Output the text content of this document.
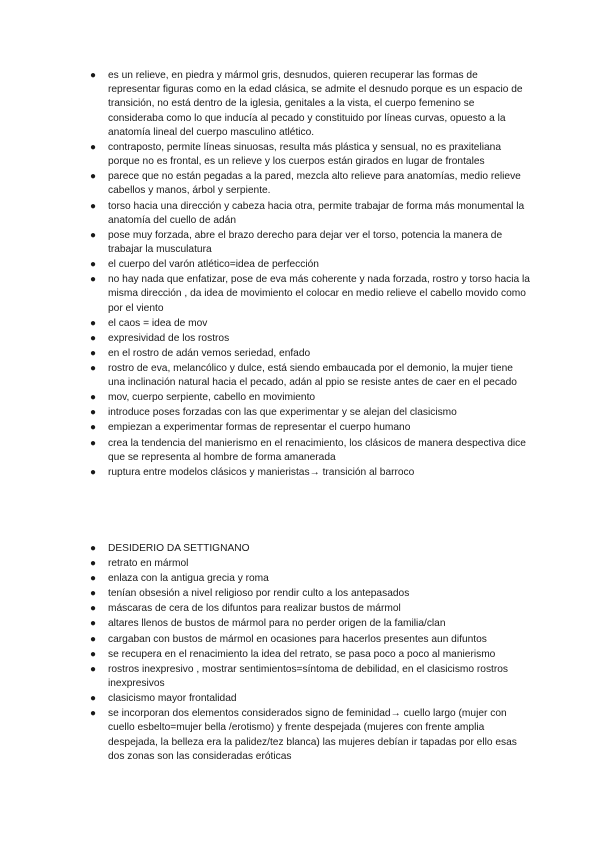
● es un relieve, en piedra y mármol gris, desnudos, quieren recuperar las formas de representar figuras como en la edad clásica, se admite el desnudo porque es un espacio de transición, no está dentro de la iglesia, genitales a la vista, el cuerpo femenino se consideraba como lo que inducía al pecado y constituido por líneas curvas, opuesto a la anatomía lineal del cuerpo masculino atlético.
● contraposto, permite líneas sinuosas, resulta más plástica y sensual, no es praxiteliana porque no es frontal, es un relieve y los cuerpos están girados en lugar de frontales
● parece que no están pegadas a la pared, mezcla alto relieve para anatomías, medio relieve cabellos y manos, árbol y serpiente.
● torso hacia una dirección y cabeza hacia otra, permite trabajar de forma más monumental la anatomía del cuello de adán
● pose muy forzada, abre el brazo derecho para dejar ver el torso, potencia la manera de trabajar la musculatura
● el cuerpo del varón atlético=idea de perfección
● no hay nada que enfatizar, pose de eva más coherente y nada forzada, rostro y torso hacia la misma dirección , da idea de movimiento el colocar en medio relieve el cabello movido como por el viento
● el caos = idea de mov
● expresividad de los rostros
● en el rostro de adán vemos seriedad, enfado
● rostro de eva, melancólico y dulce, está siendo embaucada por el demonio, la mujer tiene una inclinación natural hacia el pecado, adán al ppio se resiste antes de caer en el pecado
● mov, cuerpo serpiente, cabello en movimiento
● introduce poses forzadas con las que experimentar y se alejan del clasicismo
● empiezan a experimentar formas de representar el cuerpo humano
● crea la tendencia del manierismo en el renacimiento, los clásicos de manera despectiva dice que se representa al hombre de forma amanerada
● ruptura entre modelos clásicos y manieristas→ transición al barroco
● DESIDERIO DA SETTIGNANO
● retrato en mármol
● enlaza con la antigua grecia y roma
● tenían obsesión a nivel religioso por rendir culto a los antepasados
● máscaras de cera de los difuntos para realizar bustos de mármol
● altares llenos de bustos de mármol para no perder origen de la familia/clan
● cargaban con bustos de mármol en ocasiones para hacerlos presentes aun difuntos
● se recupera en el renacimiento la idea del retrato, se pasa poco a poco al manierismo
● rostros inexpresivo , mostrar sentimientos=síntoma de debilidad, en el clasicismo rostros inexpresivos
● clasicismo mayor frontalidad
● se incorporan dos elementos considerados signo de feminidad→ cuello largo (mujer con cuello esbelto=mujer bella /erotismo) y frente despejada (mujeres con frente amplia despejada, la belleza era la palidez/tez blanca) las mujeres debían ir tapadas por ello esas dos zonas son las consideradas eróticas
